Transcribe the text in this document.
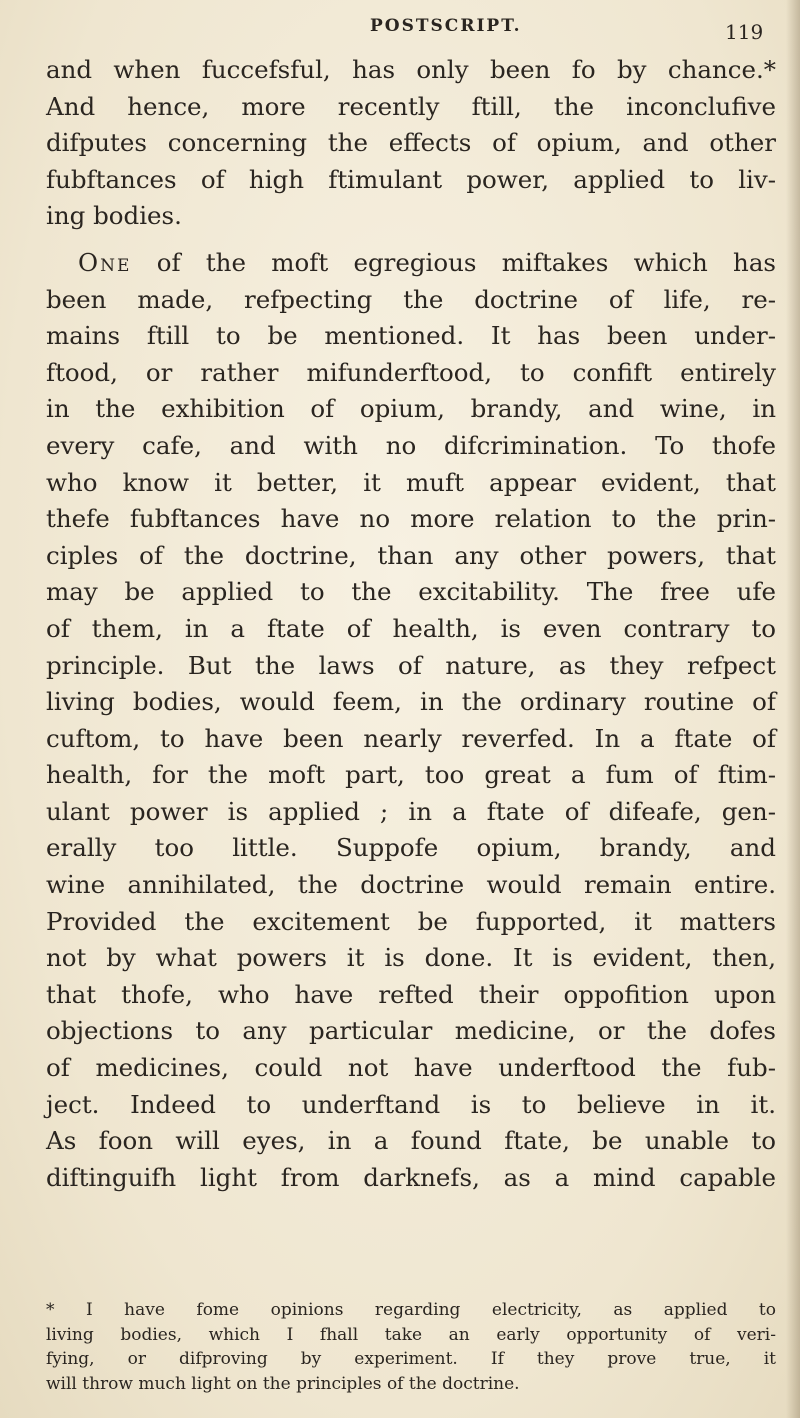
POSTSCRIPT.	119
and when fuccefsful, has only been fo by chance.*
And hence, more recently ftill, the inconclufive
difputes concerning the effects of opium, and other
fubftances of high ftimulant power, applied to liv-
ing bodies.
One of the moft egregious miftakes which has
been made, refpecting the doctrine of life, re-
mains ftill to be mentioned. It has been under-
ftood, or rather mifunderftood, to confift entirely
in the exhibition of opium, brandy, and wine, in
every cafe, and with no difcrimination. To thofe
who know it better, it muft appear evident, that
thefe fubftances have no more relation to the prin-
ciples of the doctrine, than any other powers, that
may be applied to the excitability. The free ufe
of them, in a ftate of health, is even contrary to
principle. But the laws of nature, as they refpect
living bodies, would feem, in the ordinary routine of
cuftom, to have been nearly reverfed. In a ftate of
health, for the moft part, too great a fum of ftim-
ulant power is applied ; in a ftate of difeafe, gen-
erally too little. Suppofe opium, brandy, and
wine annihilated, the doctrine would remain entire.
Provided the excitement be fupported, it matters
not by what powers it is done. It is evident, then,
that thofe, who have refted their oppofition upon
objections to any particular medicine, or the dofes
of medicines, could not have underftood the fub-
ject. Indeed to underftand is to believe in it.
As foon will eyes, in a found ftate, be unable to
diftinguifh light from darknefs, as a mind capable
* I have fome opinions regarding electricity, as applied to
living bodies, which I fhall take an early opportunity of veri-
fying, or difproving by experiment. If they prove true, it
will throw much light on the principles of the doctrine.
